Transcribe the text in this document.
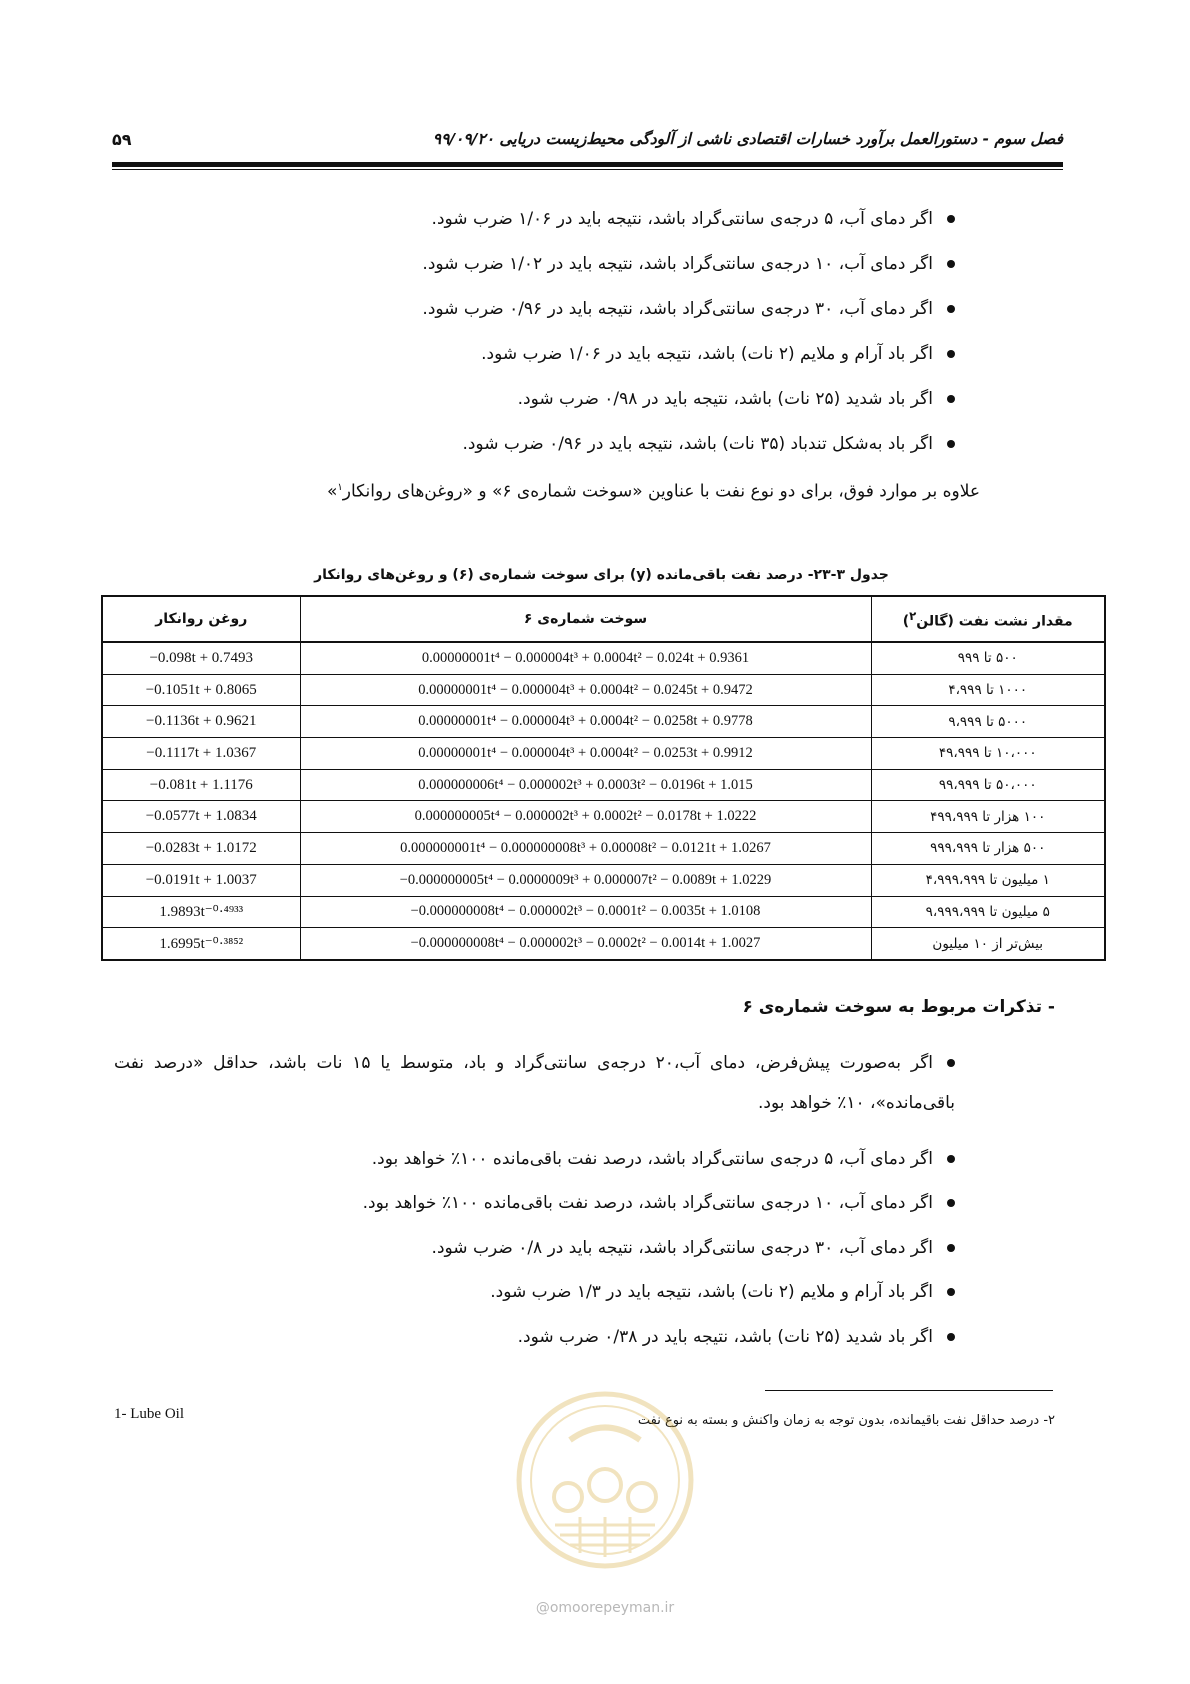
فصل سوم - دستورالعمل برآورد خسارات اقتصادی ناشی از آلودگی محیط‌زیست دریایی ۹۹/۰۹/۲۰
۵۹
اگر دمای آب، ۵ درجه‌ی سانتی‌گراد باشد، نتیجه باید در ۱/۰۶ ضرب شود.
اگر دمای آب، ۱۰ درجه‌ی سانتی‌گراد باشد، نتیجه باید در ۱/۰۲ ضرب شود.
اگر دمای آب، ۳۰ درجه‌ی سانتی‌گراد باشد، نتیجه باید در ۰/۹۶ ضرب شود.
اگر باد آرام و ملایم (۲ نات) باشد، نتیجه باید در ۱/۰۶ ضرب شود.
اگر باد شدید (۲۵ نات) باشد، نتیجه باید در ۰/۹۸ ضرب شود.
اگر باد به‌شکل تندباد (۳۵ نات) باشد، نتیجه باید در ۰/۹۶ ضرب شود.
علاوه بر موارد فوق، برای دو نوع نفت با عناوین «سوخت شماره‌ی ۶» و «روغن‌های روانکار$^۱$»
جدول ۳-۲۳- درصد نفت باقی‌مانده (y) برای سوخت شماره‌ی (۶) و روغن‌های روانکار
روغن روانکار	سوخت شماره‌ی ۶	مقدار نشت نفت (گالن$^۲$)
−0.098t + 0.7493	0.00000001t⁴ − 0.000004t³ + 0.0004t² − 0.024t + 0.9361	۵۰۰ تا ۹۹۹
−0.1051t + 0.8065	0.00000001t⁴ − 0.000004t³ + 0.0004t² − 0.0245t + 0.9472	۱۰۰۰ تا ۴،۹۹۹
−0.1136t + 0.9621	0.00000001t⁴ − 0.000004t³ + 0.0004t² − 0.0258t + 0.9778	۵۰۰۰ تا ۹،۹۹۹
−0.1117t + 1.0367	0.00000001t⁴ − 0.000004t³ + 0.0004t² − 0.0253t + 0.9912	۱۰،۰۰۰ تا ۴۹،۹۹۹
−0.081t + 1.1176	0.000000006t⁴ − 0.000002t³ + 0.0003t² − 0.0196t + 1.015	۵۰،۰۰۰ تا ۹۹،۹۹۹
−0.0577t + 1.0834	0.000000005t⁴ − 0.000002t³ + 0.0002t² − 0.0178t + 1.0222	۱۰۰ هزار تا ۴۹۹،۹۹۹
−0.0283t + 1.0172	0.000000001t⁴ − 0.000000008t³ + 0.00008t² − 0.0121t + 1.0267	۵۰۰ هزار تا ۹۹۹،۹۹۹
−0.0191t + 1.0037	−0.000000005t⁴ − 0.0000009t³ + 0.000007t² − 0.0089t + 1.0229	۱ میلیون تا ۴،۹۹۹،۹۹۹
1.9893t⁻⁰·⁴⁹³³	−0.000000008t⁴ − 0.000002t³ − 0.0001t² − 0.0035t + 1.0108	۵ میلیون تا ۹،۹۹۹،۹۹۹
1.6995t⁻⁰·³⁸⁵²	−0.000000008t⁴ − 0.000002t³ − 0.0002t² − 0.0014t + 1.0027	بیش‌تر از ۱۰ میلیون
- تذکرات مربوط به سوخت شماره‌ی ۶
اگر به‌صورت پیش‌فرض، دمای آب،۲۰ درجه‌ی سانتی‌گراد و باد، متوسط یا ۱۵ نات باشد، حداقل «درصد نفت باقی‌مانده»، ۱۰٪ خواهد بود.
اگر دمای آب، ۵ درجه‌ی سانتی‌گراد باشد، درصد نفت باقی‌مانده ۱۰۰٪ خواهد بود.
اگر دمای آب، ۱۰ درجه‌ی سانتی‌گراد باشد، درصد نفت باقی‌مانده ۱۰۰٪ خواهد بود.
اگر دمای آب، ۳۰ درجه‌ی سانتی‌گراد باشد، نتیجه باید در ۰/۸ ضرب شود.
اگر باد آرام و ملایم (۲ نات) باشد، نتیجه باید در ۱/۳ ضرب شود.
اگر باد شدید (۲۵ نات) باشد، نتیجه باید در ۰/۳۸ ضرب شود.
1- Lube Oil	۲- درصد حداقل نفت باقیمانده، بدون توجه به زمان واکنش و بسته به نوع نفت
@omoorepeyman.ir
